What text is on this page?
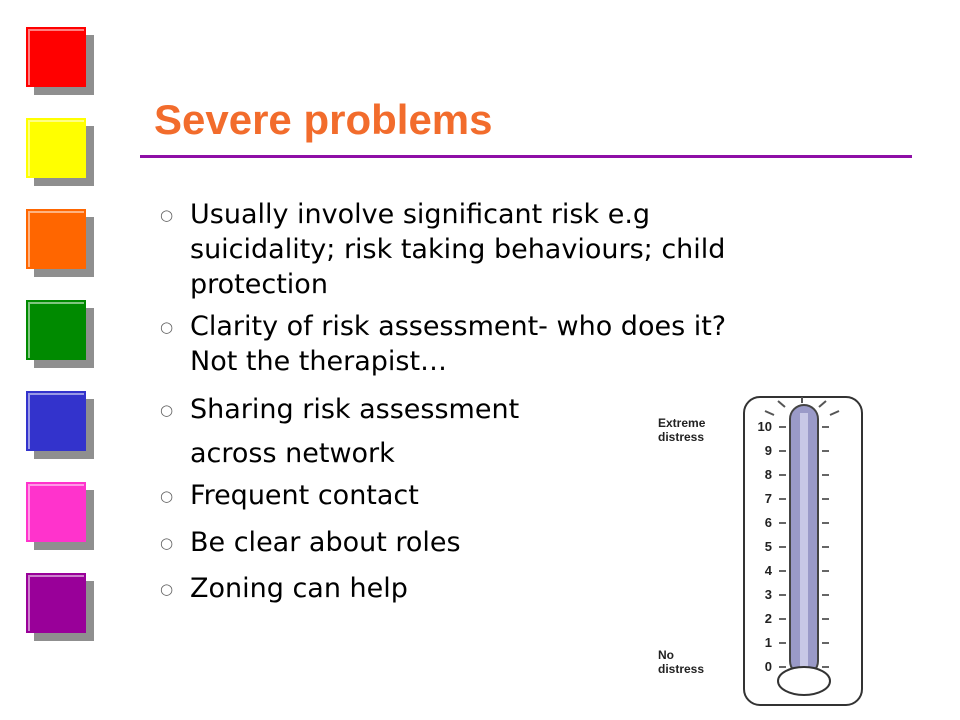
Severe problems
○ Usually involve significant risk e.g
suicidality; risk taking behaviours; child
protection
○ Clarity of risk assessment- who does it?
Not the therapist…
○ Sharing risk assessment
across network
○ Frequent contact
○ Be clear about roles
○ Zoning can help
10
9
8
7
6
5
4
3
2
1
0
Extreme
distress
No
distress
